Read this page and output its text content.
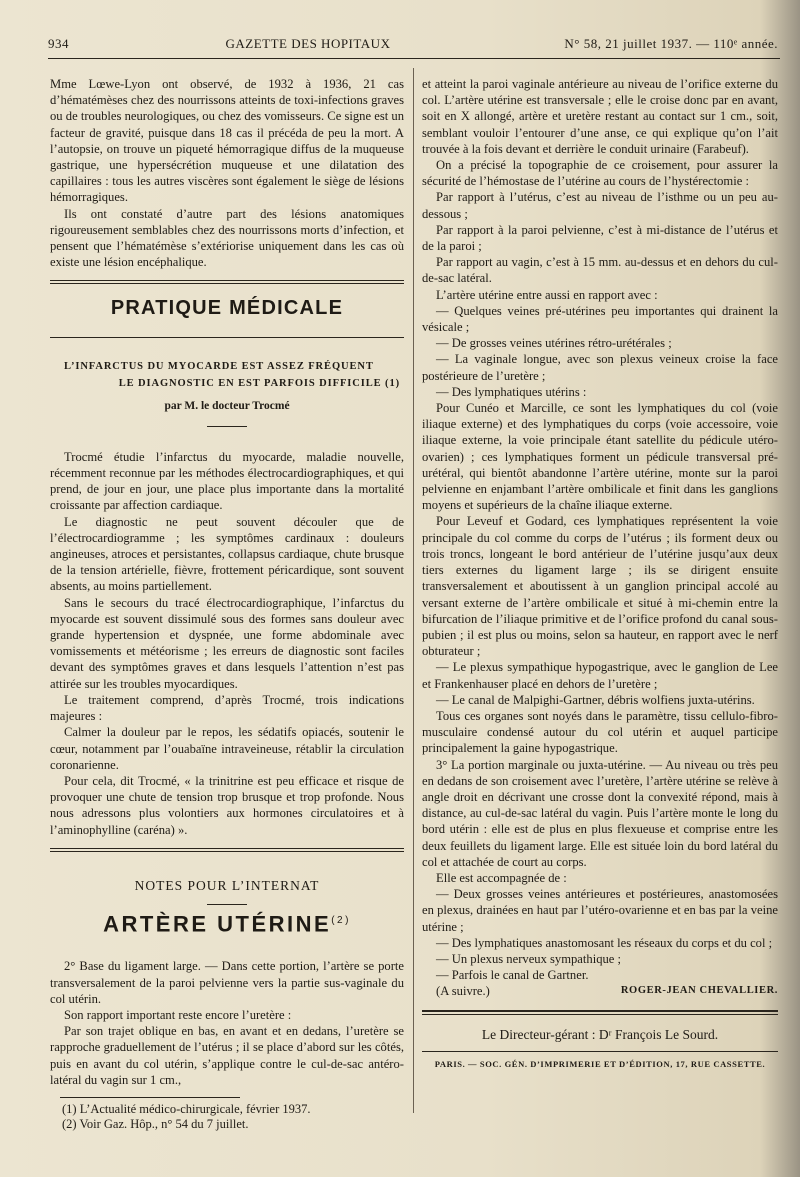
934	GAZETTE DES HOPITAUX	N° 58, 21 juillet 1937. — 110ᵉ année.

Mme Lœwe-Lyon ont observé, de 1932 à 1936, 21 cas d’hématémèses chez des nourrissons atteints de toxi-infections graves ou de troubles neurologiques, ou chez des vomisseurs. Ce signe est un facteur de gravité, puisque dans 18 cas il précéda de peu la mort. A l’autopsie, on trouve un piqueté hémorragique diffus de la muqueuse gastrique, une hypersécrétion muqueuse et une dilatation des capillaires : tous les autres viscères sont également le siège de lésions hémorragiques.

Ils ont constaté d’autre part des lésions anatomiques rigoureusement semblables chez des nourrissons morts d’infection, et pensent que l’hématémèse s’extériorise uniquement dans les cas où existe une lésion encéphalique.

PRATIQUE MÉDICALE

L’INFARCTUS DU MYOCARDE EST ASSEZ FRÉQUENT

LE DIAGNOSTIC EN EST PARFOIS DIFFICILE (1)

par M. le docteur Trocmé

Trocmé étudie l’infarctus du myocarde, maladie nouvelle, récemment reconnue par les méthodes électrocardiographiques, et qui prend, de jour en jour, une place plus importante dans la mortalité croissante par affection cardiaque.

Le diagnostic ne peut souvent découler que de l’électrocardiogramme ; les symptômes cardinaux : douleurs angineuses, atroces et persistantes, collapsus cardiaque, chute brusque de la tension artérielle, fièvre, frottement péricardique, sont souvent absents, au moins partiellement.

Sans le secours du tracé électrocardiographique, l’infarctus du myocarde est souvent dissimulé sous des formes sans douleur avec grande hypertension et dyspnée, une forme abdominale avec vomissements et météorisme ; les erreurs de diagnostic sont faciles devant des symptômes graves et dans lesquels l’attention n’est pas attirée sur les troubles myocardiques.

Le traitement comprend, d’après Trocmé, trois indications majeures :

Calmer la douleur par le repos, les sédatifs opiacés, soutenir le cœur, notamment par l’ouabaïne intraveineuse, rétablir la circulation coronarienne.

Pour cela, dit Trocmé, « la trinitrine est peu efficace et risque de provoquer une chute de tension trop brusque et trop profonde. Nous nous adressons plus volontiers aux hormones circulatoires et à l’aminophylline (caréna) ».

NOTES POUR L’INTERNAT
ARTÈRE UTÉRINE$^{(2)}$

2° Base du ligament large. — Dans cette portion, l’artère se porte transversalement de la paroi pelvienne vers la partie sus-vaginale du col utérin.

Son rapport important reste encore l’uretère :

Par son trajet oblique en bas, en avant et en dedans, l’uretère se rapproche graduellement de l’utérus ; il se place d’abord sur les côtés, puis en avant du col utérin, s’applique contre le cul-de-sac antéro-latéral du vagin sur 1 cm.,

(1) L’Actualité médico-chirurgicale, février 1937.
(2) Voir Gaz. Hôp., n° 54 du 7 juillet.

et atteint la paroi vaginale antérieure au niveau de l’orifice externe du col. L’artère utérine est transversale ; elle le croise donc par en avant, soit en X allongé, artère et uretère restant au contact sur 1 cm., soit, semblant vouloir l’entourer d’une anse, ce qui explique qu’on l’ait trouvée à la fois devant et derrière le conduit urinaire (Farabeuf).

On a précisé la topographie de ce croisement, pour assurer la sécurité de l’hémostase de l’utérine au cours de l’hystérectomie :

Par rapport à l’utérus, c’est au niveau de l’isthme ou un peu au-dessous ;

Par rapport à la paroi pelvienne, c’est à mi-distance de l’utérus et de la paroi ;

Par rapport au vagin, c’est à 15 mm. au-dessus et en dehors du cul-de-sac latéral.

L’artère utérine entre aussi en rapport avec :

— Quelques veines pré-utérines peu importantes qui drainent la vésicale ;

— De grosses veines utérines rétro-urétérales ;

— La vaginale longue, avec son plexus veineux croise la face postérieure de l’uretère ;

— Des lymphatiques utérins :

Pour Cunéo et Marcille, ce sont les lymphatiques du col (voie iliaque externe) et des lymphatiques du corps (voie accessoire, voie iliaque externe, la voie principale étant satellite du pédicule utéro-ovarien) ; ces lymphatiques forment un pédicule transversal pré-urétéral, qui bientôt abandonne l’artère utérine, monte sur la paroi pelvienne en enjambant l’artère ombilicale et finit dans les ganglions moyens et supérieurs de la chaîne iliaque externe.

Pour Leveuf et Godard, ces lymphatiques représentent la voie principale du col comme du corps de l’utérus ; ils forment deux ou trois troncs, longeant le bord antérieur de l’utérine jusqu’aux deux tiers externes du ligament large ; ils se dirigent ensuite transversalement et aboutissent à un ganglion principal accolé au versant externe de l’artère ombilicale et situé à mi-chemin entre la bifurcation de l’iliaque primitive et de l’orifice profond du canal sous-pubien ; il est plus ou moins, selon sa hauteur, en rapport avec le nerf obturateur ;

— Le plexus sympathique hypogastrique, avec le ganglion de Lee et Frankenhauser placé en dehors de l’uretère ;

— Le canal de Malpighi-Gartner, débris wolfiens juxta-utérins.

Tous ces organes sont noyés dans le paramètre, tissu cellulo-fibro-musculaire condensé autour du col utérin et auquel participe principalement la gaine hypogastrique.

3° La portion marginale ou juxta-utérine. — Au niveau ou très peu en dedans de son croisement avec l’uretère, l’artère utérine se relève à angle droit en décrivant une crosse dont la convexité répond, mais à distance, au cul-de-sac latéral du vagin. Puis l’artère monte le long du bord utérin : elle est de plus en plus flexueuse et comprise entre les deux feuillets du ligament large. Elle est située loin du bord latéral du col et attachée de court au corps.

Elle est accompagnée de :

— Deux grosses veines antérieures et postérieures, anastomosées en plexus, drainées en haut par l’utéro-ovarienne et en bas par la veine utérine ;

— Des lymphatiques anastomosant les réseaux du corps et du col ;

— Un plexus nerveux sympathique ;

— Parfois le canal de Gartner.

(A suivre.)	ROGER-JEAN CHEVALLIER.

Le Directeur-gérant : Dʳ François Le Sourd.
PARIS. — SOC. GÉN. D’IMPRIMERIE ET D’ÉDITION, 17, RUE CASSETTE.
